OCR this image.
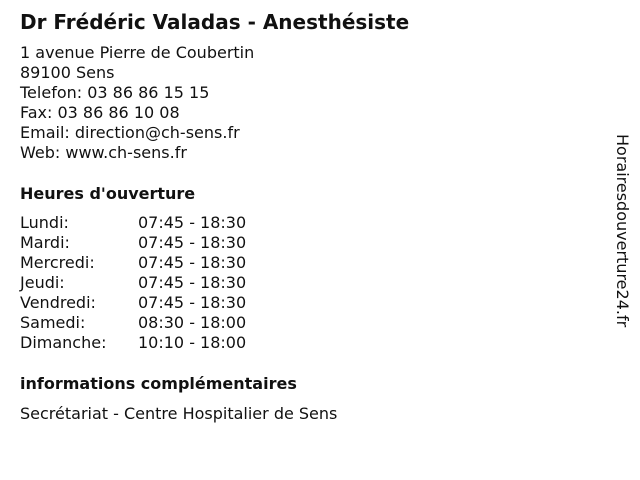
Dr Frédéric Valadas - Anesthésiste
1 avenue Pierre de Coubertin
89100 Sens
Telefon: 03 86 86 15 15
Fax: 03 86 86 10 08
Email: direction@ch-sens.fr
Web: www.ch-sens.fr
Heures d'ouverture
Lundi:	07:45 - 18:30
Mardi:	07:45 - 18:30
Mercredi:	07:45 - 18:30
Jeudi:	07:45 - 18:30
Vendredi:	07:45 - 18:30
Samedi:	08:30 - 18:00
Dimanche:	10:10 - 18:00
informations complémentaires
Secrétariat - Centre Hospitalier de Sens
Horairesdouverture24.fr
